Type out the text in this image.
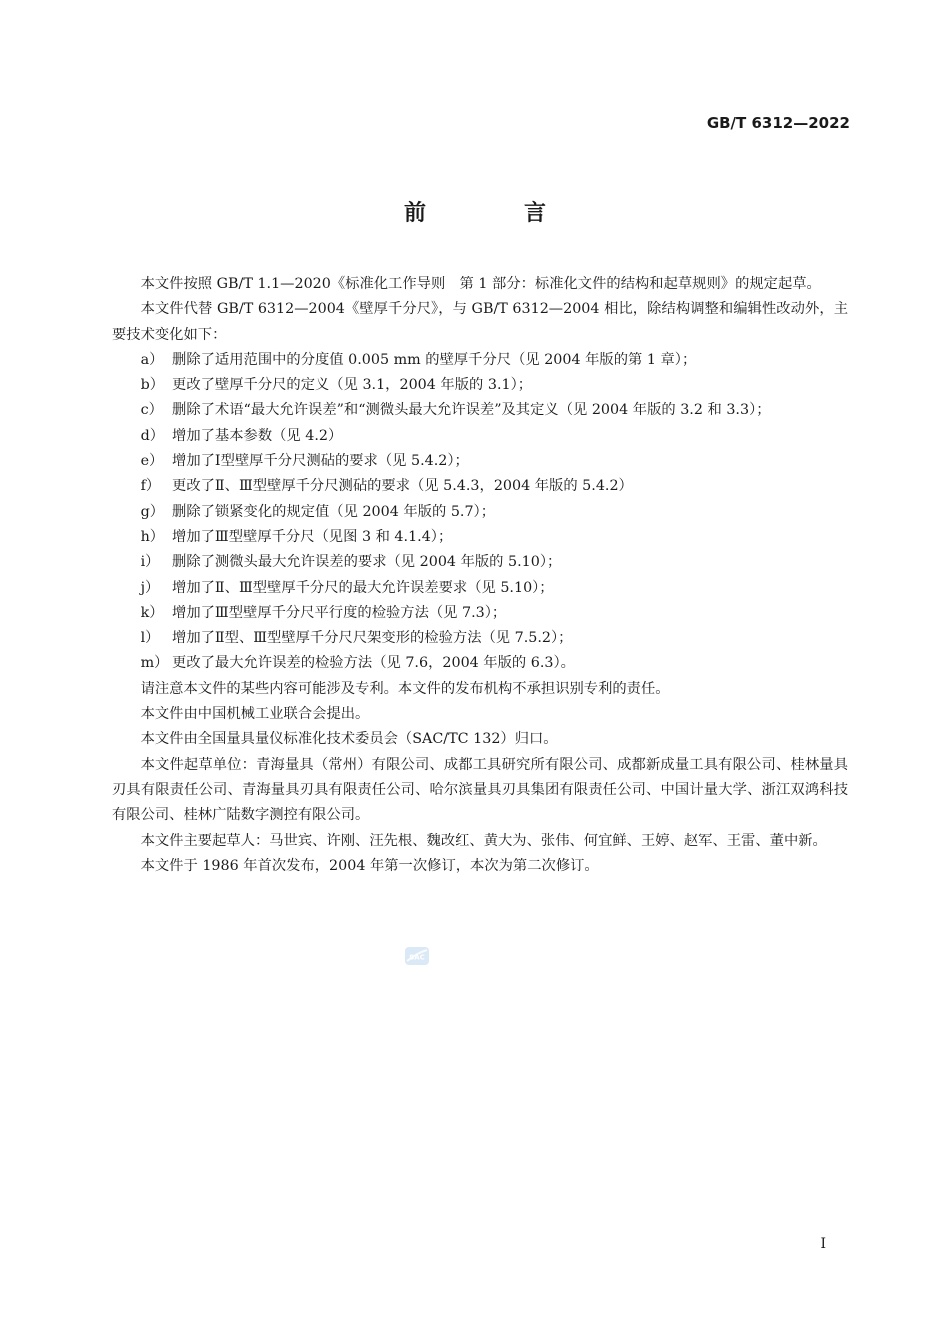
GB/T 6312—2022
前　言

本文件按照 GB/T 1.1—2020《标准化工作导则　第 1 部分：标准化文件的结构和起草规则》的规定起草。

本文件代替 GB/T 6312—2004《壁厚千分尺》，与 GB/T 6312—2004 相比，除结构调整和编辑性改动外，主要技术变化如下：

a） 删除了适用范围中的分度值 0.005 mm 的壁厚千分尺（见 2004 年版的第 1 章）；

b） 更改了壁厚千分尺的定义（见 3.1，2004 年版的 3.1）；

c） 删除了术语“最大允许误差”和“测微头最大允许误差”及其定义（见 2004 年版的 3.2 和 3.3）；

d） 增加了基本参数（见 4.2）

e） 增加了Ⅰ型壁厚千分尺测砧的要求（见 5.4.2）；

f） 更改了Ⅱ、Ⅲ型壁厚千分尺测砧的要求（见 5.4.3，2004 年版的 5.4.2）

g） 删除了锁紧变化的规定值（见 2004 年版的 5.7）；

h） 增加了Ⅲ型壁厚千分尺（见图 3 和 4.1.4）；

i） 删除了测微头最大允许误差的要求（见 2004 年版的 5.10）；

j） 增加了Ⅱ、Ⅲ型壁厚千分尺的最大允许误差要求（见 5.10）；

k） 增加了Ⅲ型壁厚千分尺平行度的检验方法（见 7.3）；

l） 增加了Ⅱ型、Ⅲ型壁厚千分尺尺架变形的检验方法（见 7.5.2）；

m） 更改了最大允许误差的检验方法（见 7.6，2004 年版的 6.3）。

请注意本文件的某些内容可能涉及专利。本文件的发布机构不承担识别专利的责任。

本文件由中国机械工业联合会提出。

本文件由全国量具量仪标准化技术委员会（SAC/TC 132）归口。

本文件起草单位：青海量具（常州）有限公司、成都工具研究所有限公司、成都新成量工具有限公司、桂林量具刃具有限责任公司、青海量具刃具有限责任公司、哈尔滨量具刃具集团有限责任公司、中国计量大学、浙江双鸿科技有限公司、桂林广陆数字测控有限公司。

本文件主要起草人：马世宾、许刚、汪先根、魏改红、黄大为、张伟、何宜鲜、王婷、赵军、王雷、董中新。

本文件于 1986 年首次发布，2004 年第一次修订，本次为第二次修订。

SAC
Ⅰ
